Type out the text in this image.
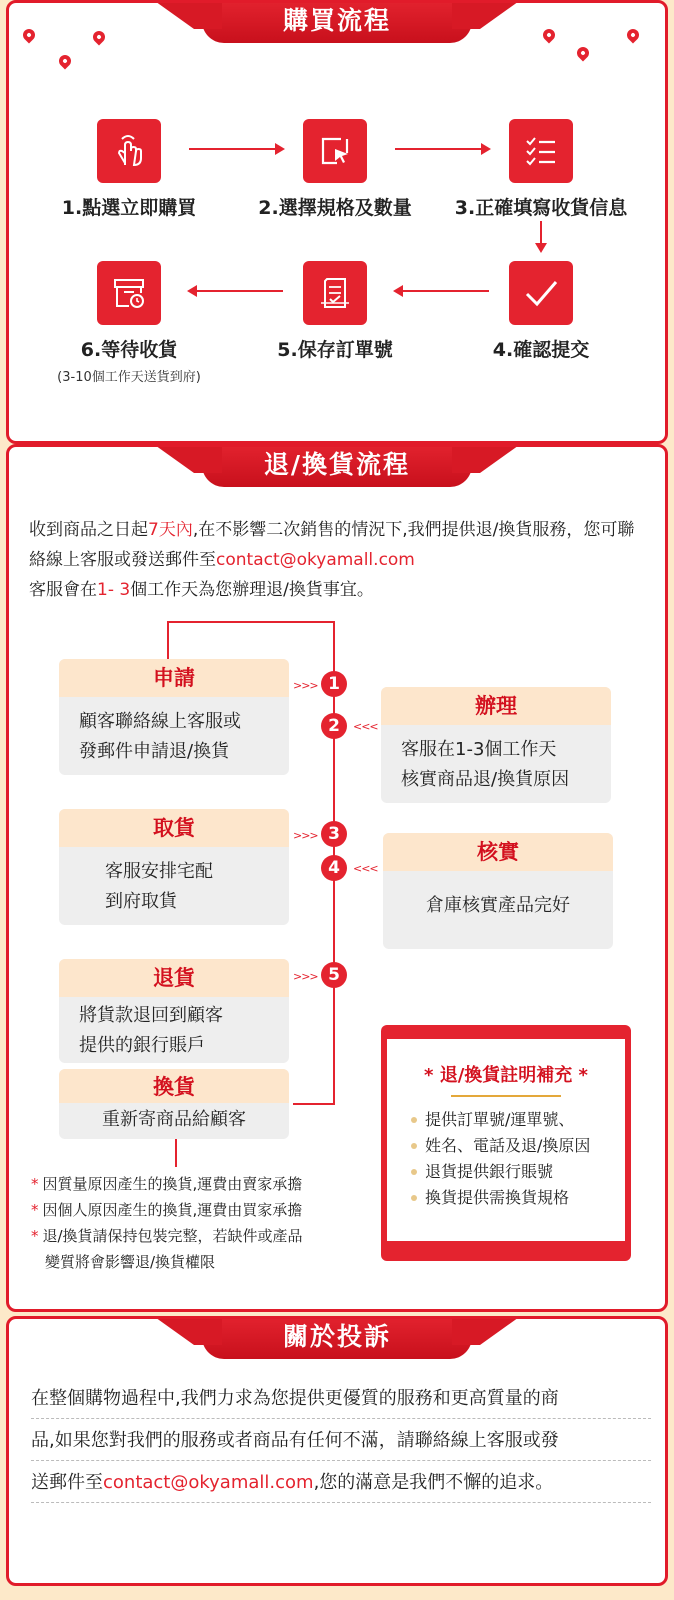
購買流程
1.點選立即購買	2.選擇規格及數量	3.正確填寫收貨信息
6.等待收貨
(3-10個工作天送貨到府)
5.保存訂單號	4.確認提交
退/換貨流程
收到商品之日起7天內,在不影響二次銷售的情況下,我們提供退/換貨服務，您可聯絡線上客服或發送郵件至contact@okyamall.com
客服會在1- 3個工作天為您辦理退/換貨事宜。
申請
顧客聯絡線上客服或
發郵件申請退/換貨
取貨
客服安排宅配
到府取貨
退貨
將貨款退回到顧客
提供的銀行賬戶
換貨
重新寄商品給顧客
辦理
客服在1-3個工作天
核實商品退/換貨原因
核實
倉庫核實產品完好
>>> 1
2	<<<
>>> 3
4	<<<
>>> 5
* 退/換貨註明補充 *
提供訂單號/運單號、
姓名、電話及退/換原因
退貨提供銀行賬號
換貨提供需換貨規格
* 因質量原因產生的換貨,運費由賣家承擔
* 因個人原因產生的換貨,運費由買家承擔
* 退/換貨請保持包裝完整，若缺件或產品
變質將會影響退/換貨權限
關於投訴
在整個購物過程中,我們力求為您提供更優質的服務和更高質量的商
品,如果您對我們的服務或者商品有任何不滿，請聯絡線上客服或發
送郵件至contact@okyamall.com,您的滿意是我們不懈的追求。
